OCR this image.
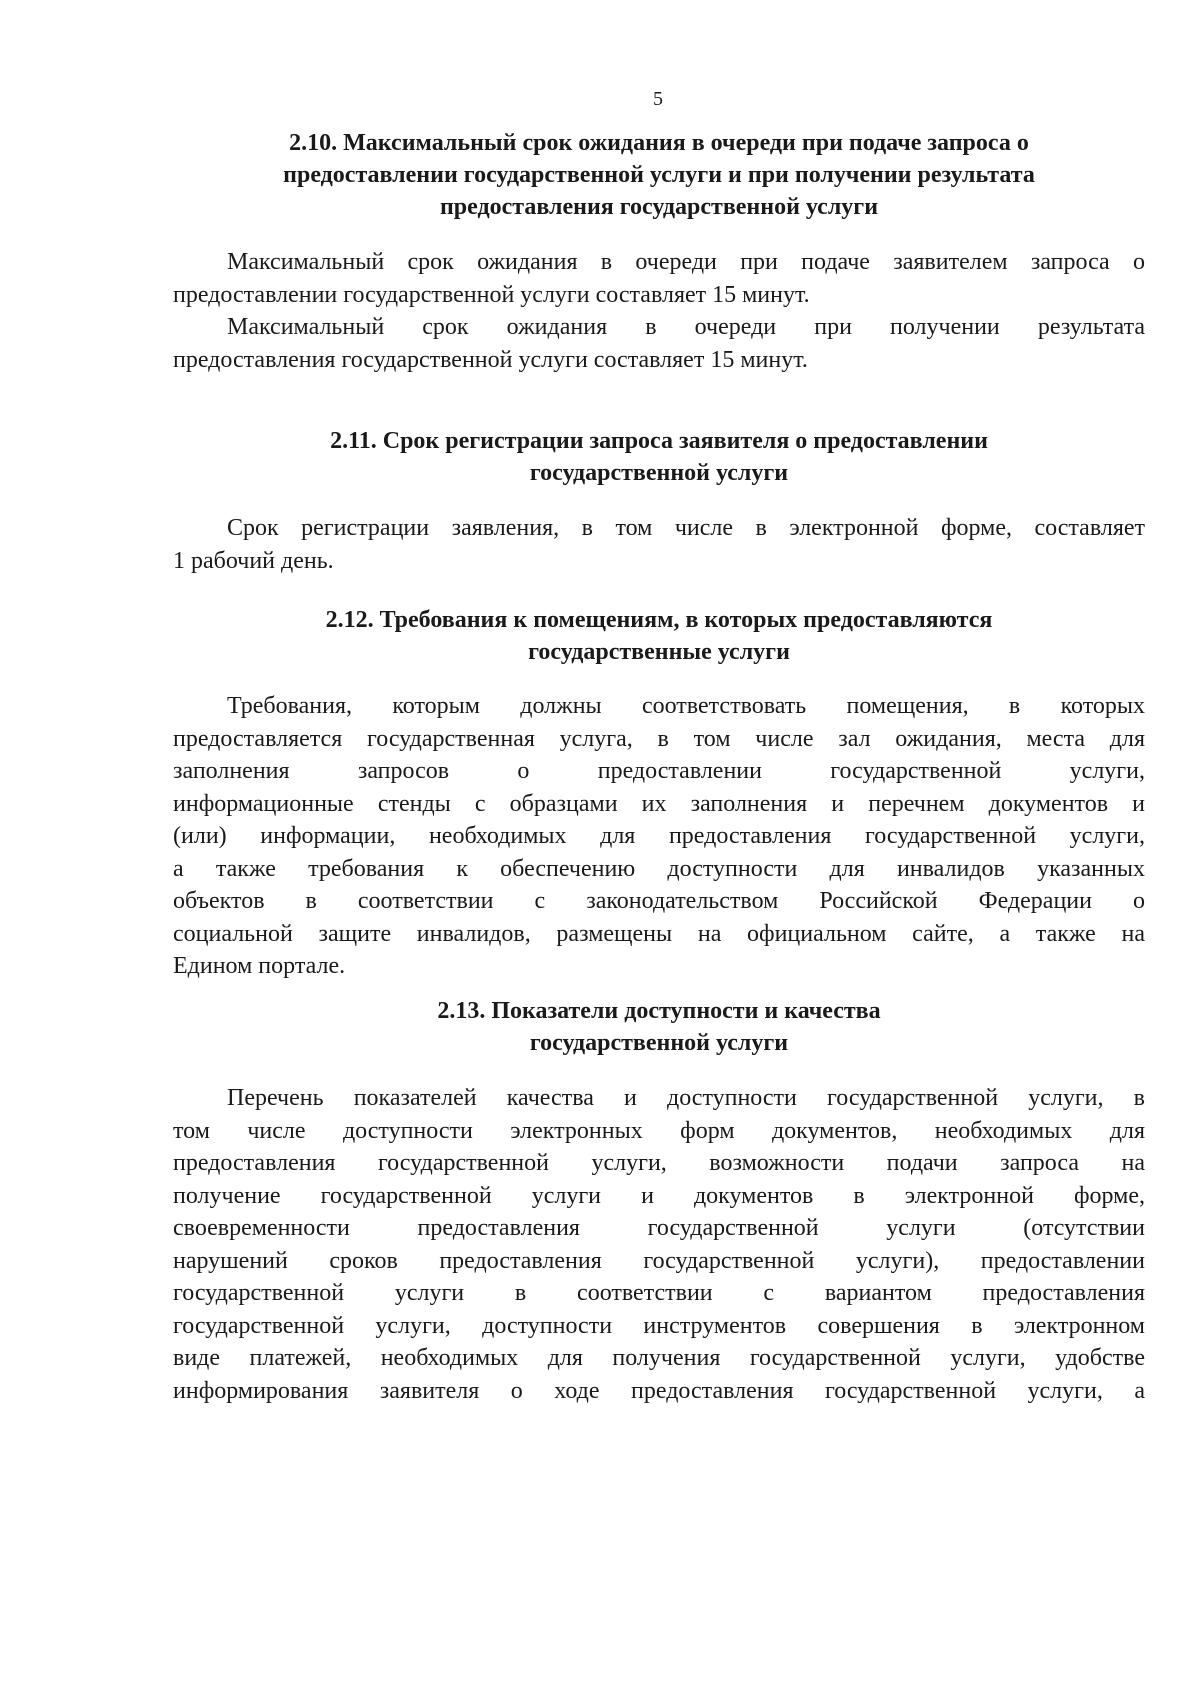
5
2.10. Максимальный срок ожидания в очереди при подаче запроса о
предоставлении государственной услуги и при получении результата
предоставления государственной услуги
Максимальный срок ожидания в очереди при подаче заявителем запроса о
предоставлении государственной услуги составляет 15 минут.
Максимальный срок ожидания в очереди при получении результата
предоставления государственной услуги составляет 15 минут.
2.11. Срок регистрации запроса заявителя о предоставлении
государственной услуги
Срок регистрации заявления, в том числе в электронной форме, составляет
1 рабочий день.
2.12. Требования к помещениям, в которых предоставляются
государственные услуги
Требования, которым должны соответствовать помещения, в которых
предоставляется государственная услуга, в том числе зал ожидания, места для
заполнения запросов о предоставлении государственной услуги,
информационные стенды с образцами их заполнения и перечнем документов и
(или) информации, необходимых для предоставления государственной услуги,
а также требования к обеспечению доступности для инвалидов указанных
объектов в соответствии с законодательством Российской Федерации о
социальной защите инвалидов, размещены на официальном сайте, а также на
Едином портале.
2.13. Показатели доступности и качества
государственной услуги
Перечень показателей качества и доступности государственной услуги, в
том числе доступности электронных форм документов, необходимых для
предоставления государственной услуги, возможности подачи запроса на
получение государственной услуги и документов в электронной форме,
своевременности предоставления государственной услуги (отсутствии
нарушений сроков предоставления государственной услуги), предоставлении
государственной услуги в соответствии с вариантом предоставления
государственной услуги, доступности инструментов совершения в электронном
виде платежей, необходимых для получения государственной услуги, удобстве
информирования заявителя о ходе предоставления государственной услуги, а
